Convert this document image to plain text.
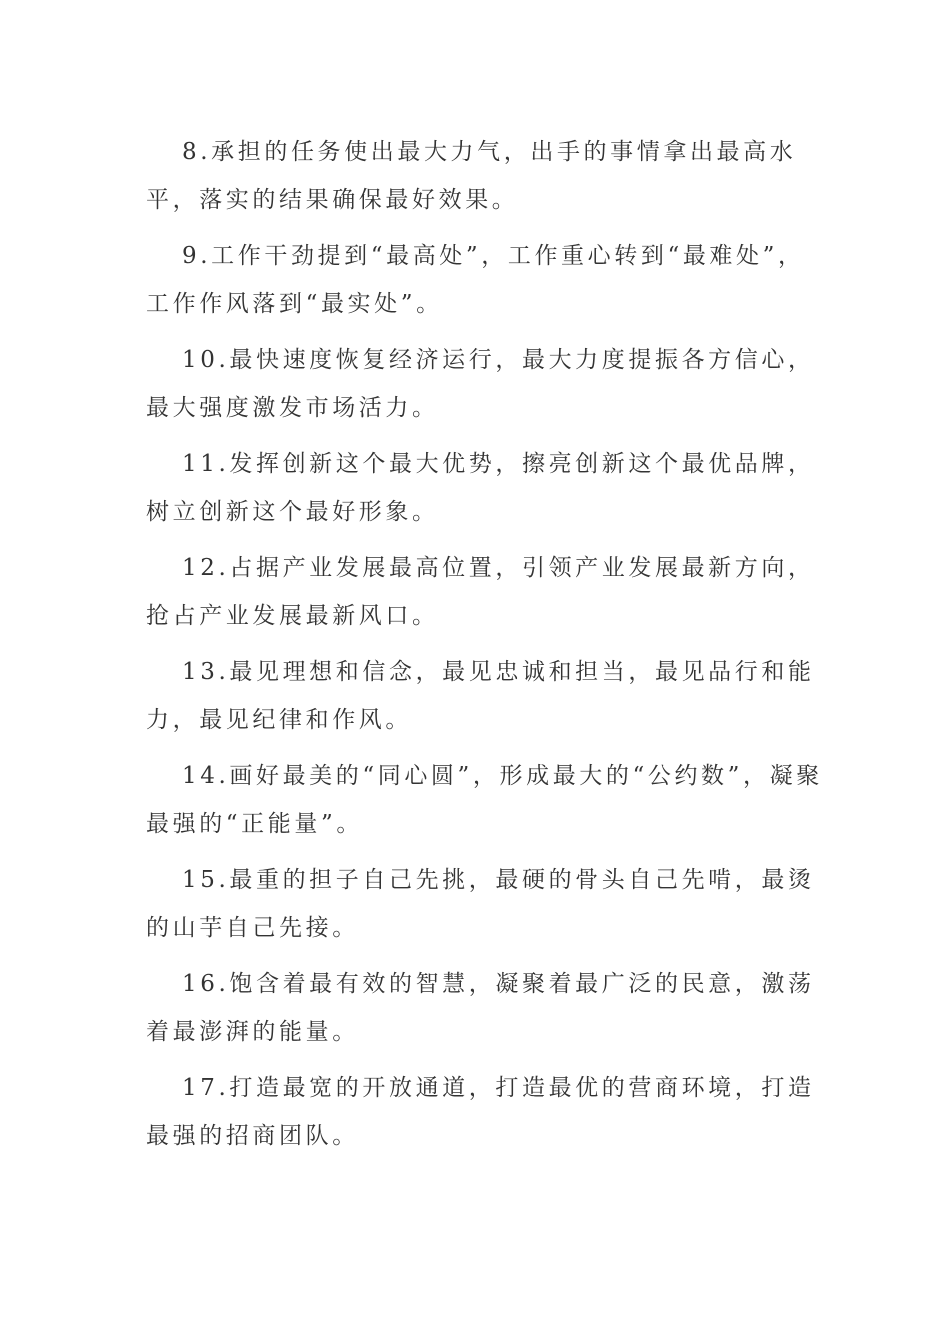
8.承担的任务使出最大力气，出手的事情拿出最高水平，落实的结果确保最好效果。

9.工作干劲提到“最高处”，工作重心转到“最难处”，工作作风落到“最实处”。

10.最快速度恢复经济运行，最大力度提振各方信心，最大强度激发市场活力。

11.发挥创新这个最大优势，擦亮创新这个最优品牌，树立创新这个最好形象。

12.占据产业发展最高位置，引领产业发展最新方向，抢占产业发展最新风口。

13.最见理想和信念，最见忠诚和担当，最见品行和能力，最见纪律和作风。

14.画好最美的“同心圆”，形成最大的“公约数”，凝聚最强的“正能量”。

15.最重的担子自己先挑，最硬的骨头自己先啃，最烫的山芋自己先接。

16.饱含着最有效的智慧，凝聚着最广泛的民意，激荡着最澎湃的能量。

17.打造最宽的开放通道，打造最优的营商环境，打造最强的招商团队。
